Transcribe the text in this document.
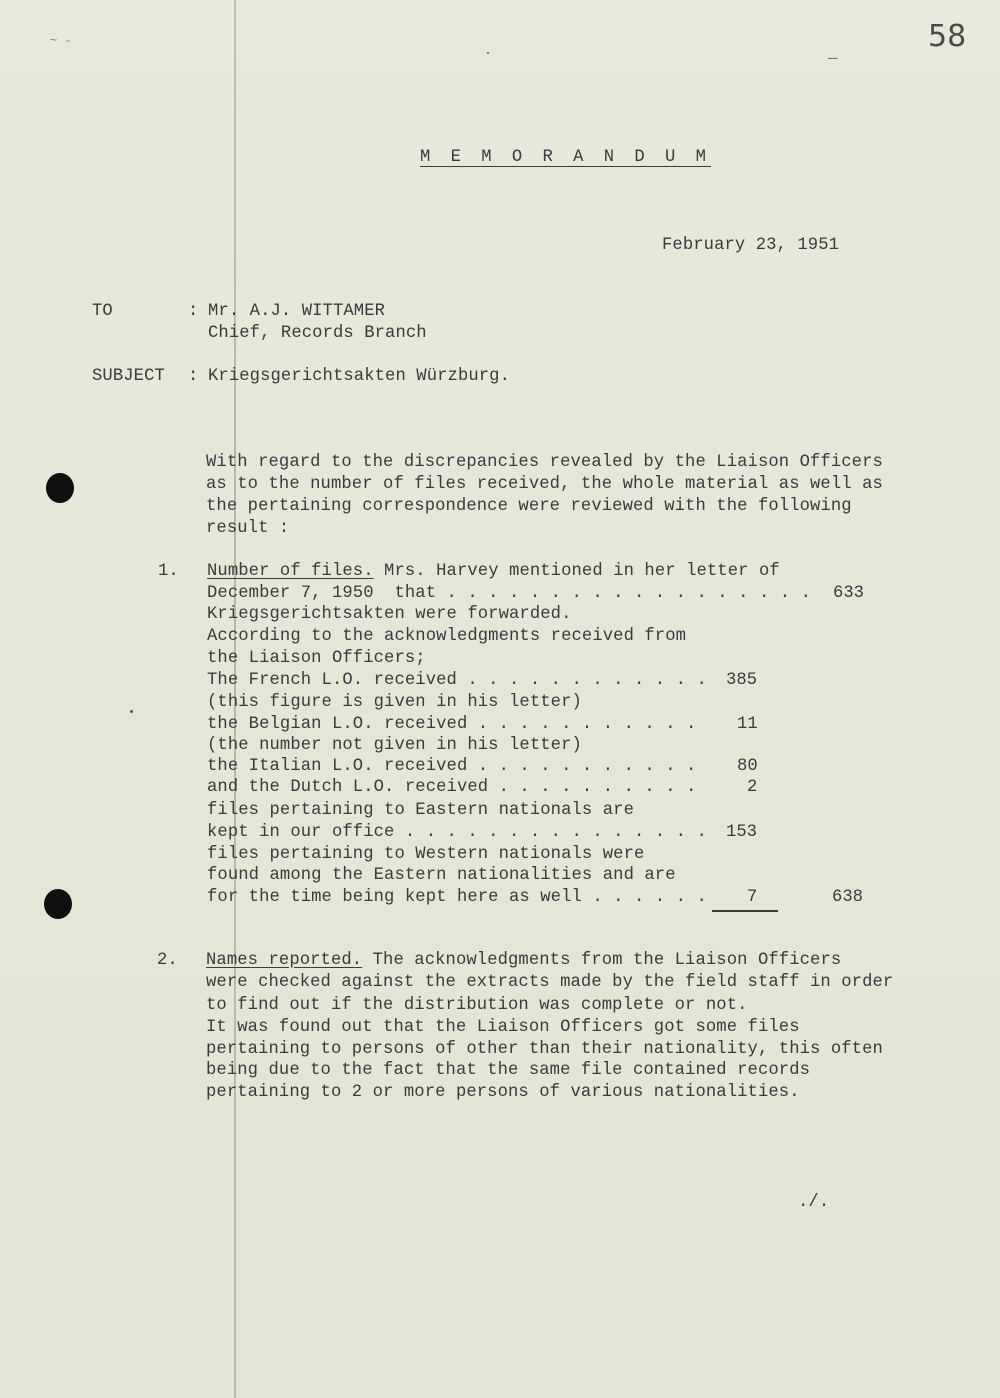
~ -
_	58
M E M O R A N D U M
February 23, 1951
TO	: Mr. A.J. WITTAMER
Chief, Records Branch
SUBJECT : Kriegsgerichtsakten Würzburg.
With regard to the discrepancies revealed by the Liaison Officers
as to the number of files received, the whole material as well as
the pertaining correspondence were reviewed with the following
result :
1. Number of files. Mrs. Harvey mentioned in her letter of
December 7, 1950  that . . . . . . . . . . . . . . . . . . 633
Kriegsgerichtsakten were forwarded.
According to the acknowledgments received from
the Liaison Officers;
The French L.O. received . . . . . . . . . . . . 385
(this figure is given in his letter)
the Belgian L.O. received . . . . . . . . . . . 11
(the number not given in his letter)
the Italian L.O. received . . . . . . . . . . . 80
and the Dutch L.O. received . . . . . . . . . .	2
files pertaining to Eastern nationals are
kept in our office . . . . . . . . . . . . . . . 153
files pertaining to Western nationals were
found among the Eastern nationalities and are
for the time being kept here as well . . . . . . 7	638
2. Names reported. The acknowledgments from the Liaison Officers
were checked against the extracts made by the field staff in order
to find out if the distribution was complete or not.
It was found out that the Liaison Officers got some files
pertaining to persons of other than their nationality, this often
being due to the fact that the same file contained records
pertaining to 2 or more persons of various nationalities.
./.
